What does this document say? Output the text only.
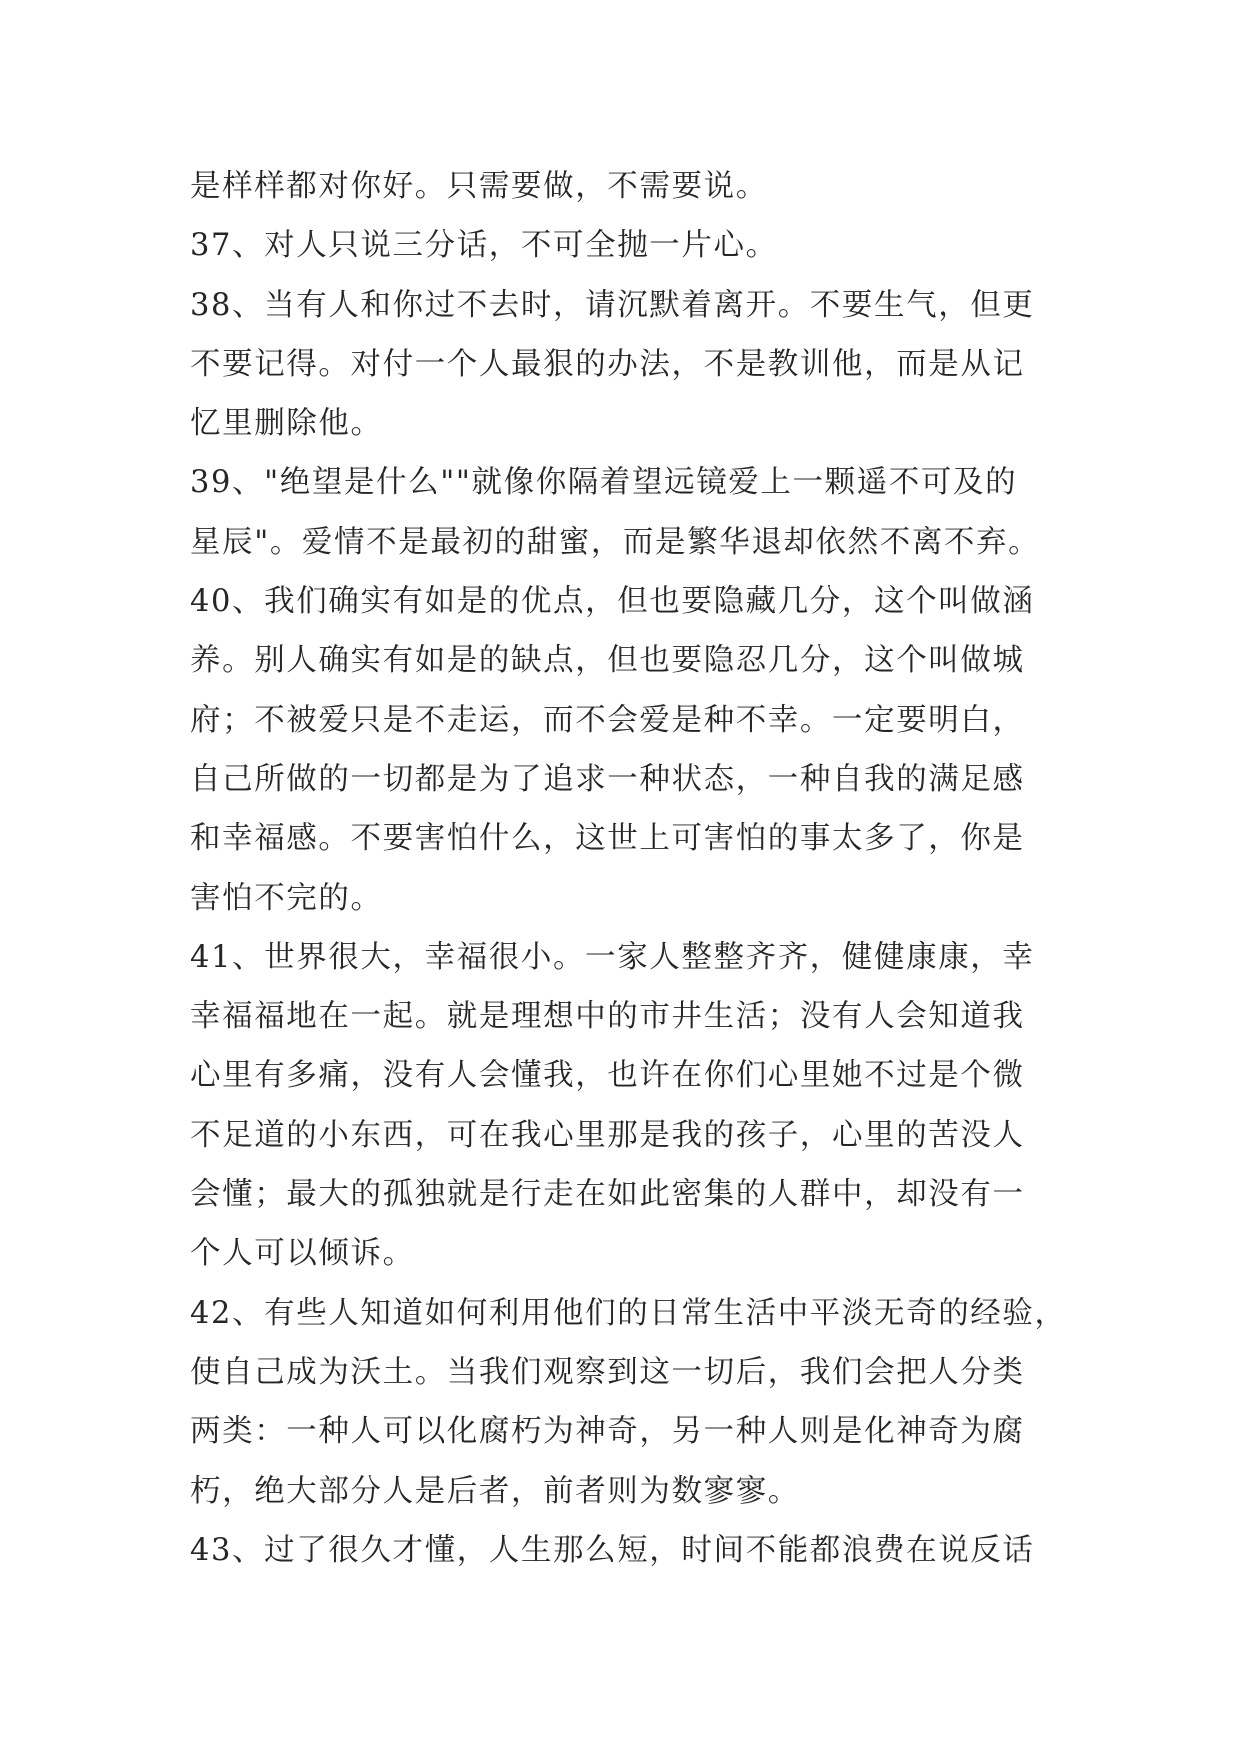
是样样都对你好。只需要做，不需要说。
37、对人只说三分话，不可全抛一片心。
38、当有人和你过不去时，请沉默着离开。不要生气，但更
不要记得。对付一个人最狠的办法，不是教训他，而是从记
忆里删除他。
39、"绝望是什么""就像你隔着望远镜爱上一颗遥不可及的
星辰"。爱情不是最初的甜蜜，而是繁华退却依然不离不弃。
40、我们确实有如是的优点，但也要隐藏几分，这个叫做涵
养。别人确实有如是的缺点，但也要隐忍几分，这个叫做城
府；不被爱只是不走运，而不会爱是种不幸。一定要明白，
自己所做的一切都是为了追求一种状态，一种自我的满足感
和幸福感。不要害怕什么，这世上可害怕的事太多了，你是
害怕不完的。
41、世界很大，幸福很小。一家人整整齐齐，健健康康，幸
幸福福地在一起。就是理想中的市井生活；没有人会知道我
心里有多痛，没有人会懂我，也许在你们心里她不过是个微
不足道的小东西，可在我心里那是我的孩子，心里的苦没人
会懂；最大的孤独就是行走在如此密集的人群中，却没有一
个人可以倾诉。
42、有些人知道如何利用他们的日常生活中平淡无奇的经验，
使自己成为沃土。当我们观察到这一切后，我们会把人分类
两类：一种人可以化腐朽为神奇，另一种人则是化神奇为腐
朽，绝大部分人是后者，前者则为数寥寥。
43、过了很久才懂，人生那么短，时间不能都浪费在说反话
